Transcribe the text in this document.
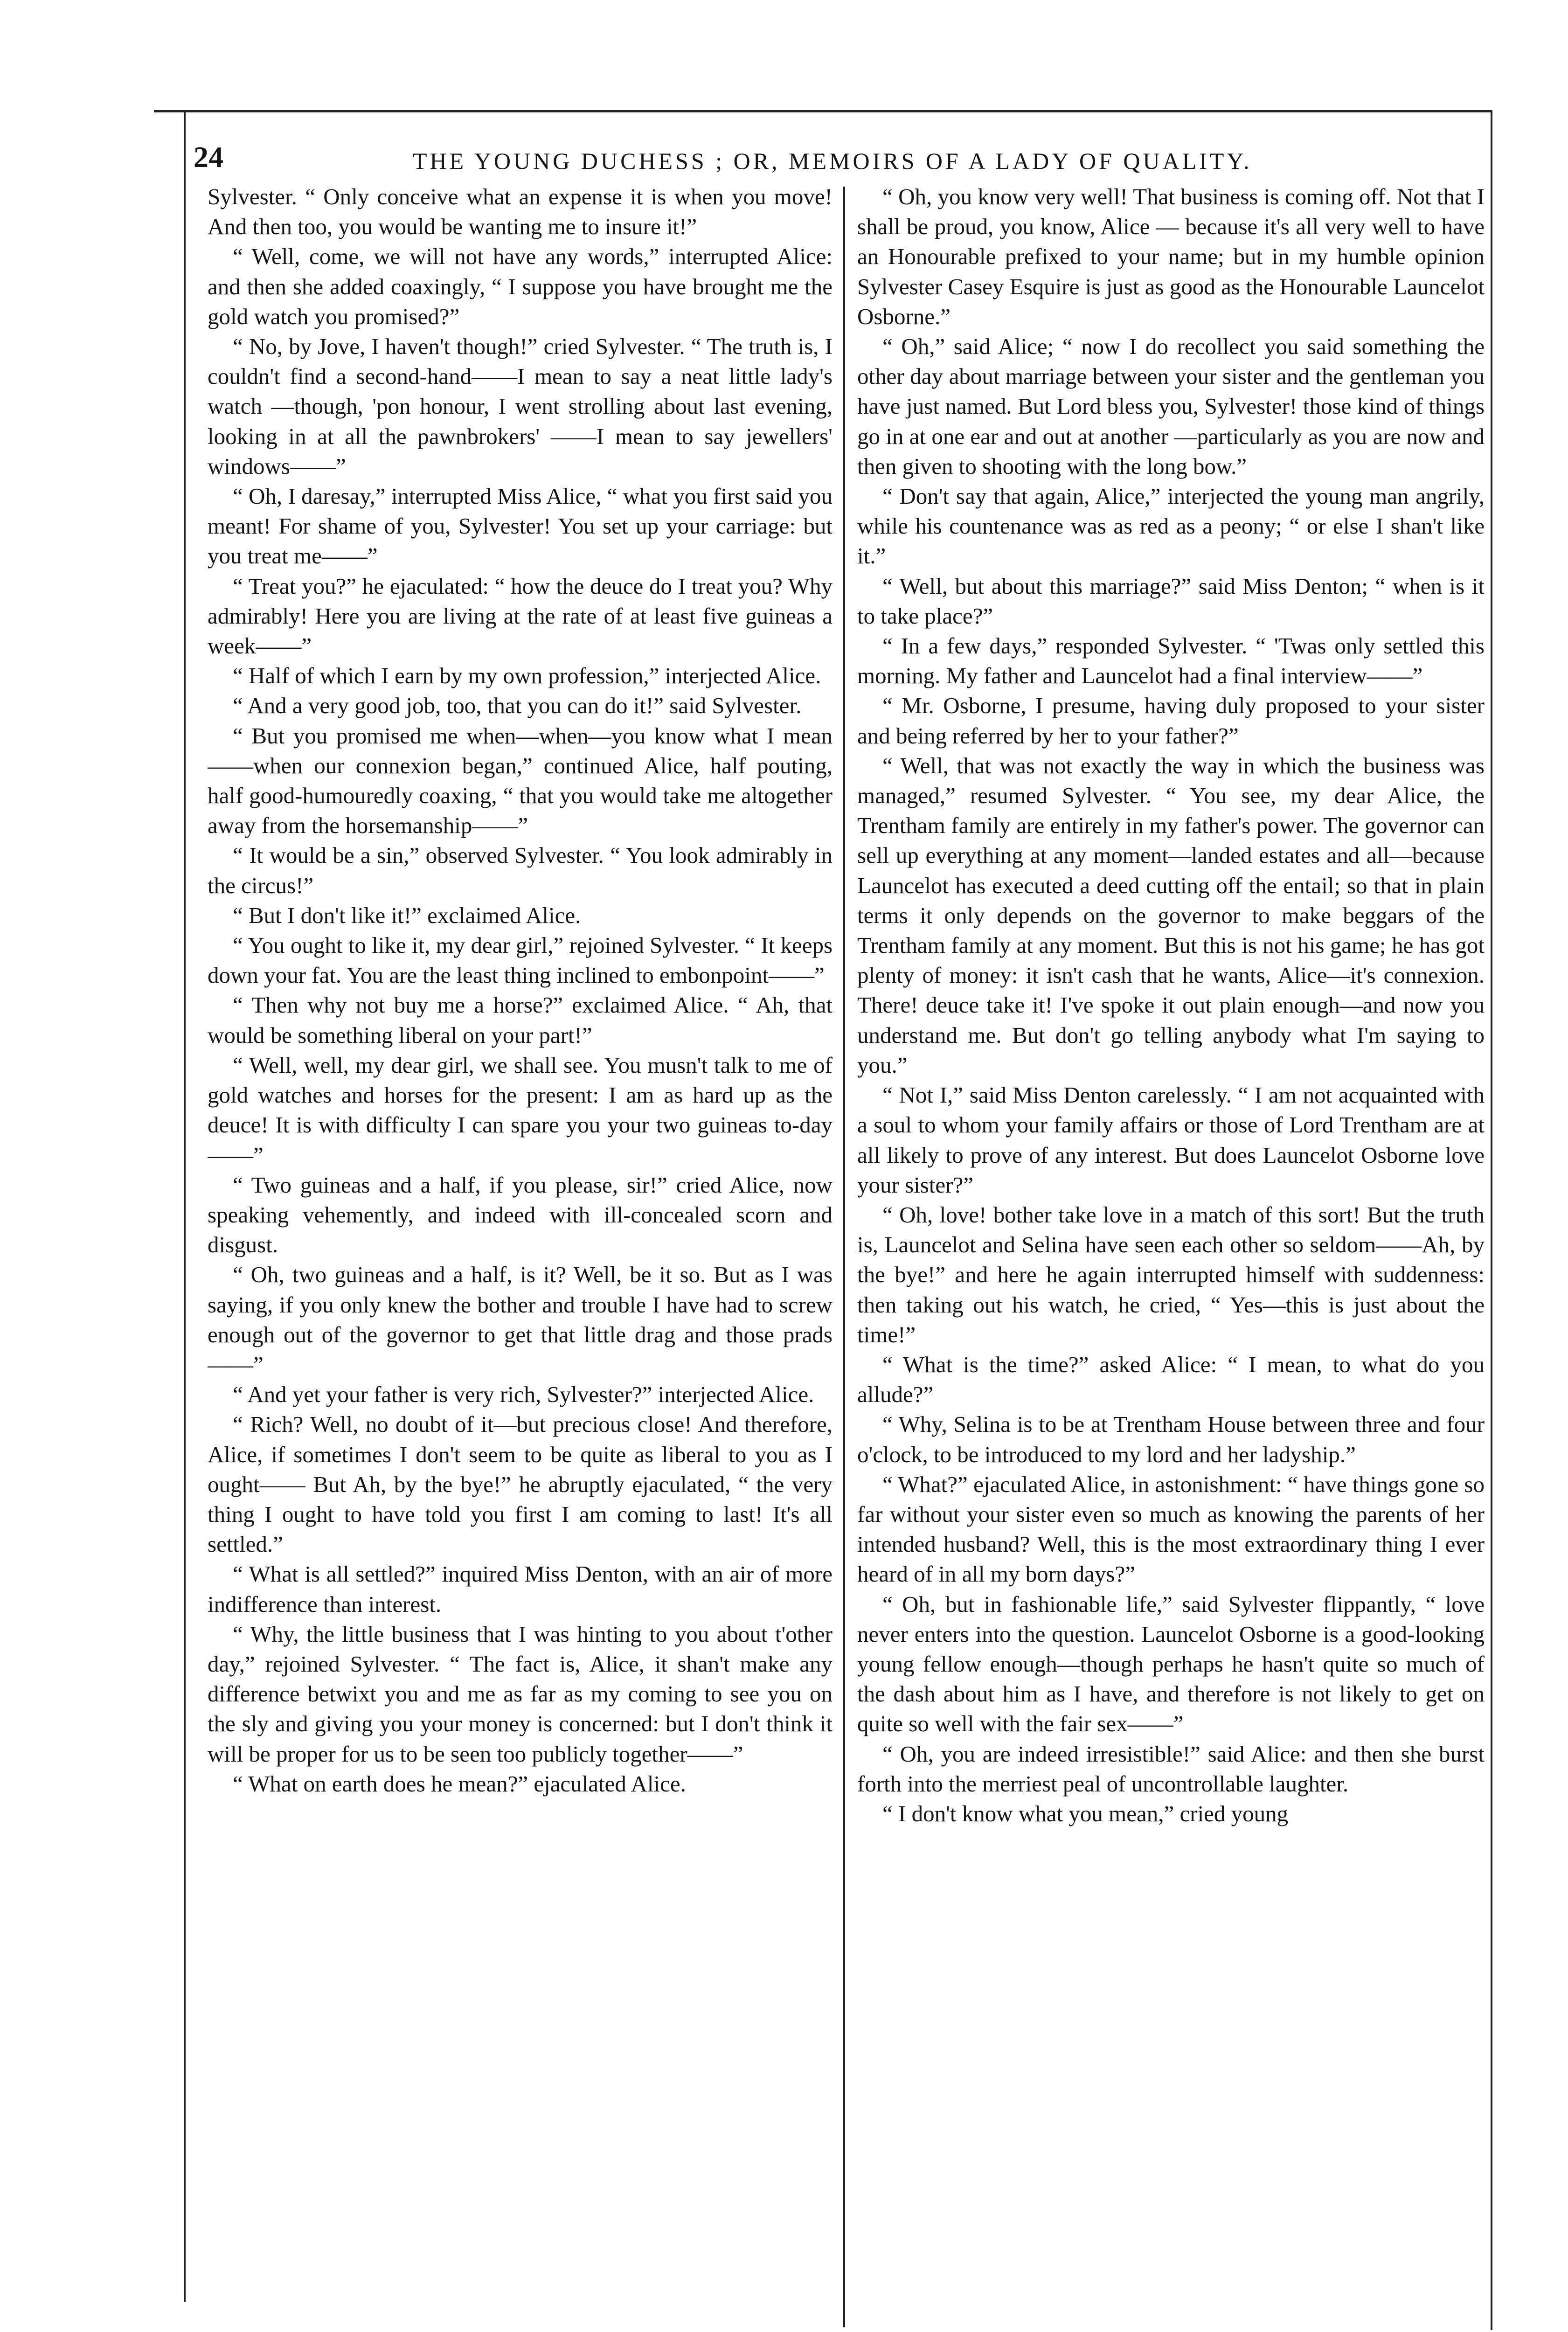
24	THE YOUNG DUCHESS ; OR, MEMOIRS OF A LADY OF QUALITY.

Sylvester. “ Only conceive what an expense it is when you move! And then too, you would be wanting me to insure it!”

“ Well, come, we will not have any words,” interrupted Alice: and then she added coaxingly, “ I suppose you have brought me the gold watch you promised?”

“ No, by Jove, I haven't though!” cried Sylvester. “ The truth is, I couldn't find a second-hand——I mean to say a neat little lady's watch —though, 'pon honour, I went strolling about last evening, looking in at all the pawnbrokers' ——I mean to say jewellers' windows——”

“ Oh, I daresay,” interrupted Miss Alice, “ what you first said you meant! For shame of you, Sylvester! You set up your carriage: but you treat me——”

“ Treat you?” he ejaculated: “ how the deuce do I treat you? Why admirably! Here you are living at the rate of at least five guineas a week——”

“ Half of which I earn by my own profession,” interjected Alice.

“ And a very good job, too, that you can do it!” said Sylvester.

“ But you promised me when—when—you know what I mean——when our connexion began,” continued Alice, half pouting, half good-humouredly coaxing, “ that you would take me altogether away from the horsemanship——”

“ It would be a sin,” observed Sylvester. “ You look admirably in the circus!”

“ But I don't like it!” exclaimed Alice.

“ You ought to like it, my dear girl,” rejoined Sylvester. “ It keeps down your fat. You are the least thing inclined to embonpoint——”

“ Then why not buy me a horse?” exclaimed Alice. “ Ah, that would be something liberal on your part!”

“ Well, well, my dear girl, we shall see. You musn't talk to me of gold watches and horses for the present: I am as hard up as the deuce! It is with difficulty I can spare you your two guineas to-day——”

“ Two guineas and a half, if you please, sir!” cried Alice, now speaking vehemently, and indeed with ill-concealed scorn and disgust.

“ Oh, two guineas and a half, is it? Well, be it so. But as I was saying, if you only knew the bother and trouble I have had to screw enough out of the governor to get that little drag and those prads——”

“ And yet your father is very rich, Sylvester?” interjected Alice.

“ Rich? Well, no doubt of it—but precious close! And therefore, Alice, if sometimes I don't seem to be quite as liberal to you as I ought—— But Ah, by the bye!” he abruptly ejaculated, “ the very thing I ought to have told you first I am coming to last! It's all settled.”

“ What is all settled?” inquired Miss Denton, with an air of more indifference than interest.

“ Why, the little business that I was hinting to you about t'other day,” rejoined Sylvester. “ The fact is, Alice, it shan't make any difference betwixt you and me as far as my coming to see you on the sly and giving you your money is concerned: but I don't think it will be proper for us to be seen too publicly together——”

“ What on earth does he mean?” ejaculated Alice.

“ Oh, you know very well! That business is coming off. Not that I shall be proud, you know, Alice — because it's all very well to have an Honourable prefixed to your name; but in my humble opinion Sylvester Casey Esquire is just as good as the Honourable Launcelot Osborne.”

“ Oh,” said Alice; “ now I do recollect you said something the other day about marriage between your sister and the gentleman you have just named. But Lord bless you, Sylvester! those kind of things go in at one ear and out at another —particularly as you are now and then given to shooting with the long bow.”

“ Don't say that again, Alice,” interjected the young man angrily, while his countenance was as red as a peony; “ or else I shan't like it.”

“ Well, but about this marriage?” said Miss Denton; “ when is it to take place?”

“ In a few days,” responded Sylvester. “ 'Twas only settled this morning. My father and Launcelot had a final interview——”

“ Mr. Osborne, I presume, having duly proposed to your sister and being referred by her to your father?”

“ Well, that was not exactly the way in which the business was managed,” resumed Sylvester. “ You see, my dear Alice, the Trentham family are entirely in my father's power. The governor can sell up everything at any moment—landed estates and all—because Launcelot has executed a deed cutting off the entail; so that in plain terms it only depends on the governor to make beggars of the Trentham family at any moment. But this is not his game; he has got plenty of money: it isn't cash that he wants, Alice—it's connexion. There! deuce take it! I've spoke it out plain enough—and now you understand me. But don't go telling anybody what I'm saying to you.”

“ Not I,” said Miss Denton carelessly. “ I am not acquainted with a soul to whom your family affairs or those of Lord Trentham are at all likely to prove of any interest. But does Launcelot Osborne love your sister?”

“ Oh, love! bother take love in a match of this sort! But the truth is, Launcelot and Selina have seen each other so seldom——Ah, by the bye!” and here he again interrupted himself with suddenness: then taking out his watch, he cried, “ Yes—this is just about the time!”

“ What is the time?” asked Alice: “ I mean, to what do you allude?”

“ Why, Selina is to be at Trentham House between three and four o'clock, to be introduced to my lord and her ladyship.”

“ What?” ejaculated Alice, in astonishment: “ have things gone so far without your sister even so much as knowing the parents of her intended husband? Well, this is the most extraordinary thing I ever heard of in all my born days?”

“ Oh, but in fashionable life,” said Sylvester flippantly, “ love never enters into the question. Launcelot Osborne is a good-looking young fellow enough—though perhaps he hasn't quite so much of the dash about him as I have, and therefore is not likely to get on quite so well with the fair sex——”

“ Oh, you are indeed irresistible!” said Alice: and then she burst forth into the merriest peal of uncontrollable laughter.

“ I don't know what you mean,” cried young
